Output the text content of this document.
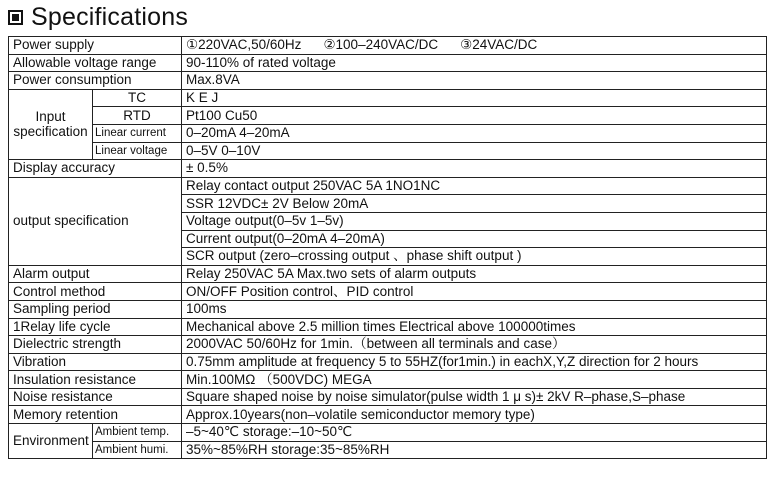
Specifications
Power supply		①220VAC,50/60Hz ②100–240VAC/DC ③24VAC/DC
Allowable voltage range		90-110% of rated voltage
Power consumption		Max.8VA
Input specification	TC	K E J
	RTD	Pt100 Cu50
	Linear current	0–20mA 4–20mA
	Linear voltage	0–5V 0–10V
Display accuracy		± 0.5%
output specification		Relay contact output 250VAC 5A 1NO1NC
		SSR 12VDC± 2V Below 20mA
		Voltage output(0–5v 1–5v)
		Current output(0–20mA 4–20mA)
		SCR output (zero–crossing output 、phase shift output )
Alarm output		Relay 250VAC 5A Max.two sets of alarm outputs
Control method		ON/OFF Position control、PID control
Sampling period		100ms
1Relay life cycle		Mechanical above 2.5 million times Electrical above 100000times
Dielectric strength		2000VAC 50/60Hz for 1min.（between all terminals and case）
Vibration		0.75mm amplitude at frequency 5 to 55HZ(for1min.) in eachX,Y,Z direction for 2 hours
Insulation resistance		Min.100MΩ （500VDC) MEGA
Noise resistance		Square shaped noise by noise simulator(pulse width 1 μ s)± 2kV R–phase,S–phase
Memory retention		Approx.10years(non–volatile semiconductor memory type)
Environment	Ambient temp.	–5~40℃ storage:–10~50℃
	Ambient humi.	35%~85%RH storage:35~85%RH
